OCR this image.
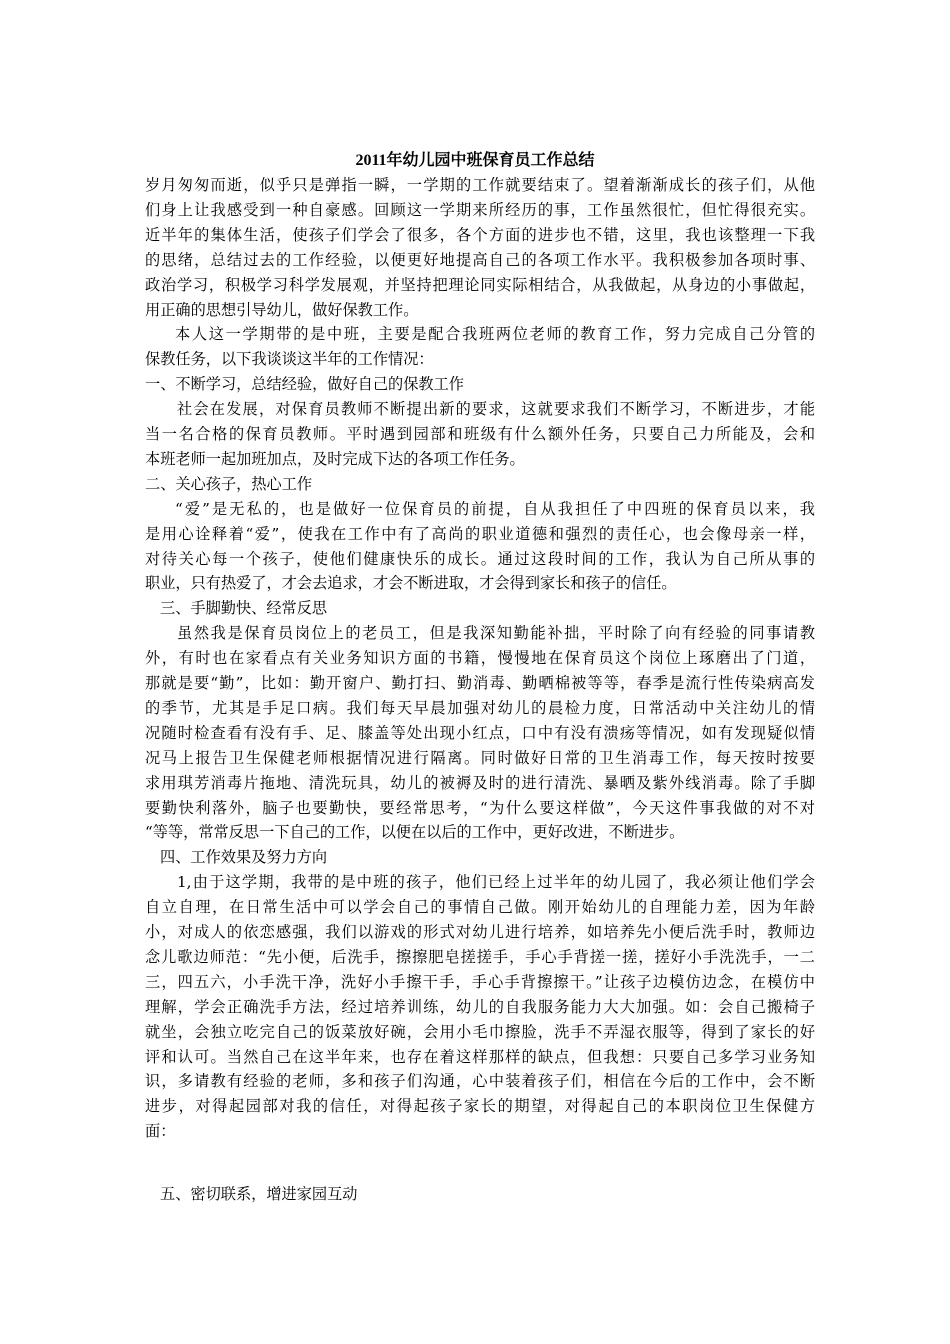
2011年幼儿园中班保育员工作总结
岁月匆匆而逝，似乎只是弹指一瞬，一学期的工作就要结束了。望着渐渐成长的孩子们，从他
们身上让我感受到一种自豪感。回顾这一学期来所经历的事，工作虽然很忙，但忙得很充实。
近半年的集体生活，使孩子们学会了很多，各个方面的进步也不错，这里，我也该整理一下我
的思绪，总结过去的工作经验，以便更好地提高自己的各项工作水平。我积极参加各项时事、
政治学习，积极学习科学发展观，并坚持把理论同实际相结合，从我做起，从身边的小事做起，
用正确的思想引导幼儿，做好保教工作。
本人这一学期带的是中班，主要是配合我班两位老师的教育工作，努力完成自己分管的
保教任务，以下我谈谈这半年的工作情况：
一、不断学习，总结经验，做好自己的保教工作
社会在发展，对保育员教师不断提出新的要求，这就要求我们不断学习，不断进步，才能
当一名合格的保育员教师。平时遇到园部和班级有什么额外任务，只要自己力所能及，会和
本班老师一起加班加点，及时完成下达的各项工作任务。
二、关心孩子，热心工作
“爱”是无私的，也是做好一位保育员的前提，自从我担任了中四班的保育员以来，我
是用心诠释着“爱”，使我在工作中有了高尚的职业道德和强烈的责任心，也会像母亲一样，
对待关心每一个孩子，使他们健康快乐的成长。通过这段时间的工作，我认为自己所从事的
职业，只有热爱了，才会去追求，才会不断进取，才会得到家长和孩子的信任。
三、手脚勤快、经常反思
虽然我是保育员岗位上的老员工，但是我深知勤能补拙，平时除了向有经验的同事请教
外，有时也在家看点有关业务知识方面的书籍，慢慢地在保育员这个岗位上琢磨出了门道，
那就是要“勤”，比如：勤开窗户、勤打扫、勤消毒、勤晒棉被等等，春季是流行性传染病高发
的季节，尤其是手足口病。我们每天早晨加强对幼儿的晨检力度，日常活动中关注幼儿的情
况随时检查看有没有手、足、膝盖等处出现小红点，口中有没有溃疡等情况，如有发现疑似情
况马上报告卫生保健老师根据情况进行隔离。同时做好日常的卫生消毒工作，每天按时按要
求用琪芳消毒片拖地、清洗玩具，幼儿的被褥及时的进行清洗、暴晒及紫外线消毒。除了手脚
要勤快利落外，脑子也要勤快，要经常思考，“为什么要这样做”，今天这件事我做的对不对
“等等，常常反思一下自己的工作，以便在以后的工作中，更好改进，不断进步。
四、工作效果及努力方向
1,由于这学期，我带的是中班的孩子，他们已经上过半年的幼儿园了，我必须让他们学会
自立自理，在日常生活中可以学会自己的事情自己做。刚开始幼儿的自理能力差，因为年龄
小，对成人的依恋感强，我们以游戏的形式对幼儿进行培养，如培养先小便后洗手时，教师边
念儿歌边师范：“先小便，后洗手，擦擦肥皂搓搓手，手心手背搓一搓，搓好小手洗洗手，一二
三，四五六，小手洗干净，洗好小手擦干手，手心手背擦擦干。”让孩子边模仿边念，在模仿中
理解，学会正确洗手方法，经过培养训练，幼儿的自我服务能力大大加强。如：会自己搬椅子
就坐，会独立吃完自己的饭菜放好碗，会用小毛巾擦脸，洗手不弄湿衣服等，得到了家长的好
评和认可。当然自己在这半年来，也存在着这样那样的缺点，但我想：只要自己多学习业务知
识，多请教有经验的老师，多和孩子们沟通，心中装着孩子们，相信在今后的工作中，会不断
进步，对得起园部对我的信任，对得起孩子家长的期望，对得起自己的本职岗位卫生保健方
面：
五、密切联系，增进家园互动
